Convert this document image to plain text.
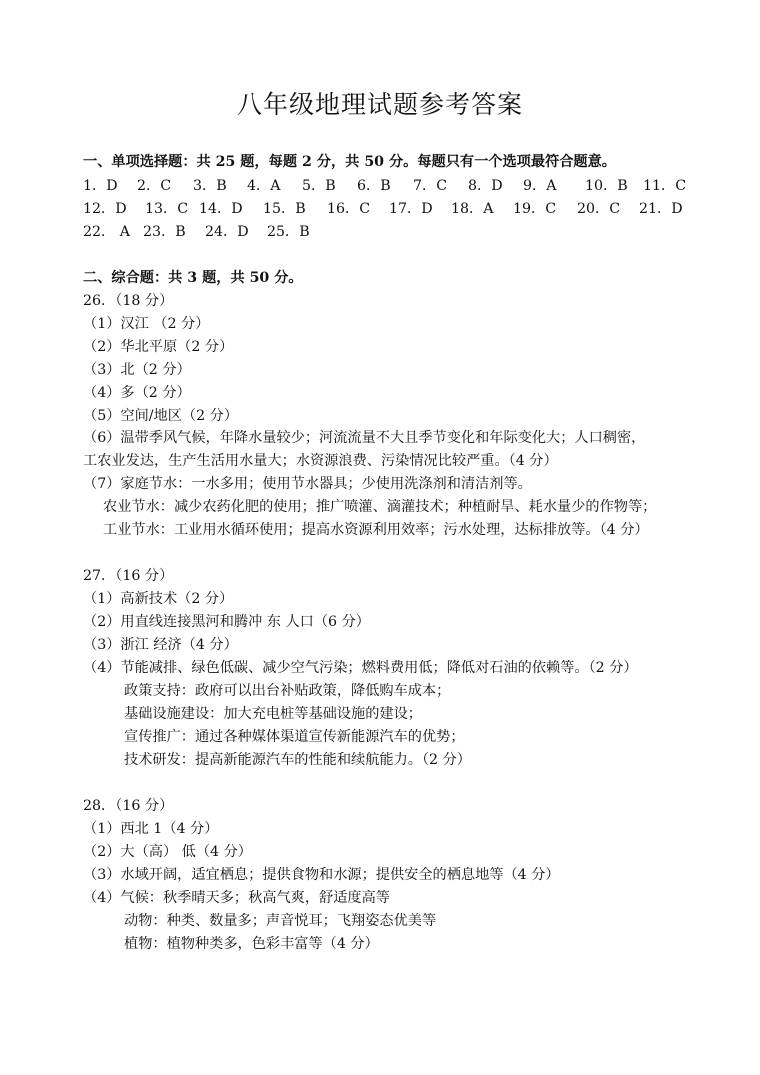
八年级地理试题参考答案
一、单项选择题：共 25 题，每题 2 分，共 50 分。每题只有一个选项最符合题意。
1．D 2．C 3．B 4．A 5．B 6．B 7．C 8．D 9．A 10．B 11．C
12．D 13．C 14．D 15．B 16．C 17．D 18．A 19．C 20．C 21．D
22． A 23．B 24．D 25．B
二、综合题：共 3 题，共 50 分。
26．（18 分）
（1）汉江 （2 分）
（2）华北平原（2 分）
（3）北（2 分）
（4）多（2 分）
（5）空间/地区（2 分）
（6）温带季风气候，年降水量较少；河流流量不大且季节变化和年际变化大；人口稠密，
工农业发达，生产生活用水量大；水资源浪费、污染情况比较严重。（4 分）
（7）家庭节水：一水多用；使用节水器具；少使用洗涤剂和清洁剂等。
农业节水：减少农药化肥的使用；推广喷灌、滴灌技术；种植耐旱、耗水量少的作物等；
工业节水：工业用水循环使用；提高水资源利用效率；污水处理，达标排放等。（4 分）
27．（16 分）
（1）高新技术（2 分）
（2）用直线连接黑河和腾冲 东 人口（6 分）
（3）浙江 经济（4 分）
（4）节能减排、绿色低碳、减少空气污染；燃料费用低；降低对石油的依赖等。（2 分）
政策支持：政府可以出台补贴政策，降低购车成本；
基础设施建设：加大充电桩等基础设施的建设；
宣传推广：通过各种媒体渠道宣传新能源汽车的优势；
技术研发：提高新能源汽车的性能和续航能力。（2 分）
28．（16 分）
（1）西北 1（4 分）
（2）大（高） 低（4 分）
（3）水域开阔，适宜栖息；提供食物和水源；提供安全的栖息地等（4 分）
（4）气候：秋季晴天多；秋高气爽，舒适度高等
动物：种类、数量多；声音悦耳；飞翔姿态优美等
植物：植物种类多，色彩丰富等（4 分）
